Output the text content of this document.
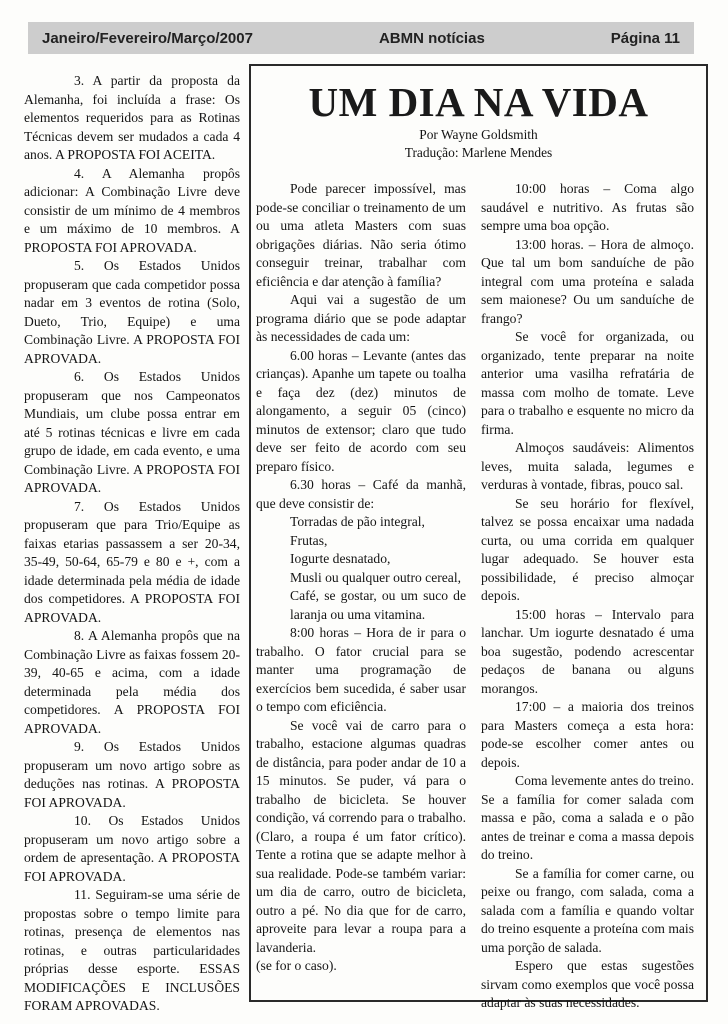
Janeiro/Fevereiro/Março/2007	ABMN notícias	Página 11

3. A partir da proposta da Alemanha, foi incluída a frase: Os elementos requeridos para as Rotinas Técnicas devem ser mudados a cada 4 anos. A PROPOSTA FOI ACEITA.

4. A Alemanha propôs adicionar: A Combinação Livre deve consistir de um mínimo de 4 membros e um máximo de 10 membros. A PROPOSTA FOI APROVADA.

5. Os Estados Unidos propuseram que cada competidor possa nadar em 3 eventos de rotina (Solo, Dueto, Trio, Equipe) e uma Combinação Livre. A PROPOSTA FOI APROVADA.

6. Os Estados Unidos propuseram que nos Campeonatos Mundiais, um clube possa entrar em até 5 rotinas técnicas e livre em cada grupo de idade, em cada evento, e uma Combinação Livre. A PROPOSTA FOI APROVADA.

7. Os Estados Unidos propuseram que para Trio/Equipe as faixas etarias passassem a ser 20-34, 35-49, 50-64, 65-79 e 80 e +, com a idade determinada pela média de idade dos competidores. A PROPOSTA FOI APROVADA.

8. A Alemanha propôs que na Combinação Livre as faixas fossem 20-39, 40-65 e acima, com a idade determinada pela média dos competidores. A PROPOSTA FOI APROVADA.

9. Os Estados Unidos propuseram um novo artigo sobre as deduções nas rotinas. A PROPOSTA FOI APROVADA.

10. Os Estados Unidos propuseram um novo artigo sobre a ordem de apresentação. A PROPOSTA FOI APROVADA.

11. Seguiram-se uma série de propostas sobre o tempo limite para rotinas, presença de elementos nas rotinas, e outras particularidades próprias desse esporte. ESSAS MODIFICAÇÕES E INCLUSÕES FORAM APROVADAS.

UM DIA NA VIDA
Por Wayne Goldsmith
Tradução: Marlene Mendes

Pode parecer impossível, mas pode-se conciliar o treinamento de um ou uma atleta Masters com suas obrigações diárias. Não seria ótimo conseguir treinar, trabalhar com eficiência e dar atenção à família?

Aqui vai a sugestão de um programa diário que se pode adaptar às necessidades de cada um:

6.00 horas – Levante (antes das crianças). Apanhe um tapete ou toalha e faça dez (dez) minutos de alongamento, a seguir 05 (cinco) minutos de extensor; claro que tudo deve ser feito de acordo com seu preparo físico.

6.30 horas – Café da manhã, que deve consistir de:

Torradas de pão integral,

Frutas,

Iogurte desnatado,

Musli ou qualquer outro cereal,

Café, se gostar, ou um suco de laranja ou uma vitamina.

8:00 horas – Hora de ir para o trabalho. O fator crucial para se manter uma programação de exercícios bem sucedida, é saber usar o tempo com eficiência.

Se você vai de carro para o trabalho, estacione algumas quadras de distância, para poder andar de 10 a 15 minutos. Se puder, vá para o trabalho de bicicleta. Se houver condição, vá correndo para o trabalho. (Claro, a roupa é um fator crítico). Tente a rotina que se adapte melhor à sua realidade. Pode-se também variar: um dia de carro, outro de bicicleta, outro a pé. No dia que for de carro, aproveite para levar a roupa para a lavanderia.

(se for o caso).

10:00 horas – Coma algo saudável e nutritivo. As frutas são sempre uma boa opção.

13:00 horas. – Hora de almoço. Que tal um bom sanduíche de pão integral com uma proteína e salada sem maionese? Ou um sanduíche de frango?

Se você for organizada, ou organizado, tente preparar na noite anterior uma vasilha refratária de massa com molho de tomate. Leve para o trabalho e esquente no micro da firma.

Almoços saudáveis: Alimentos leves, muita salada, legumes e verduras à vontade, fibras, pouco sal.

Se seu horário for flexível, talvez se possa encaixar uma nadada curta, ou uma corrida em qualquer lugar adequado. Se houver esta possibilidade, é preciso almoçar depois.

15:00 horas – Intervalo para lanchar. Um iogurte desnatado é uma boa sugestão, podendo acrescentar pedaços de banana ou alguns morangos.

17:00 – a maioria dos treinos para Masters começa a esta hora: pode-se escolher comer antes ou depois.

Coma levemente antes do treino. Se a família for comer salada com massa e pão, coma a salada e o pão antes de treinar e coma a massa depois do treino.

Se a família for comer carne, ou peixe ou frango, com salada, coma a salada com a família e quando voltar do treino esquente a proteína com mais uma porção de salada.

Espero que estas sugestões sirvam como exemplos que você possa adaptar às suas necessidades.
